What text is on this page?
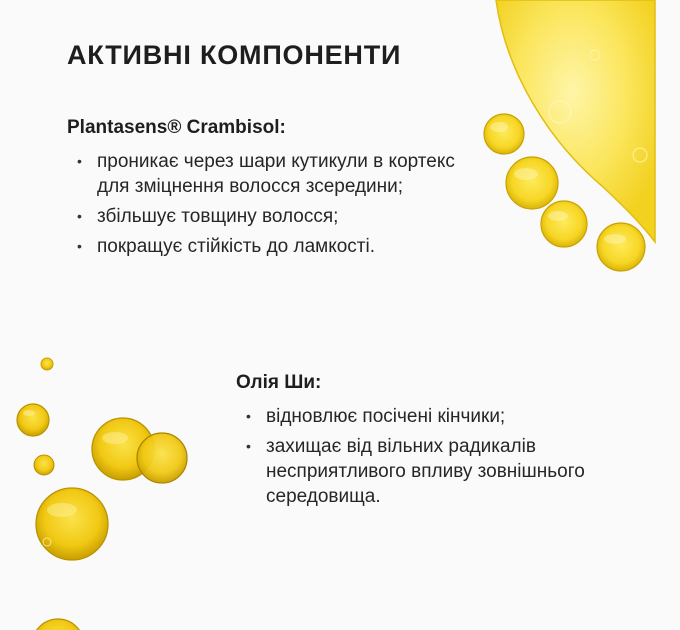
АКТИВНІ КОМПОНЕНТИ
Plantasens® Crambisol:
• проникає через шари кутикули в кортекс для зміцнення волосся зсередини;
• збільшує товщину волосся;
• покращує стійкість до ламкості.
Олія Ши:
• відновлює посічені кінчики;
• захищає від вільних радикалів несприятливого впливу зовнішнього середовища.
